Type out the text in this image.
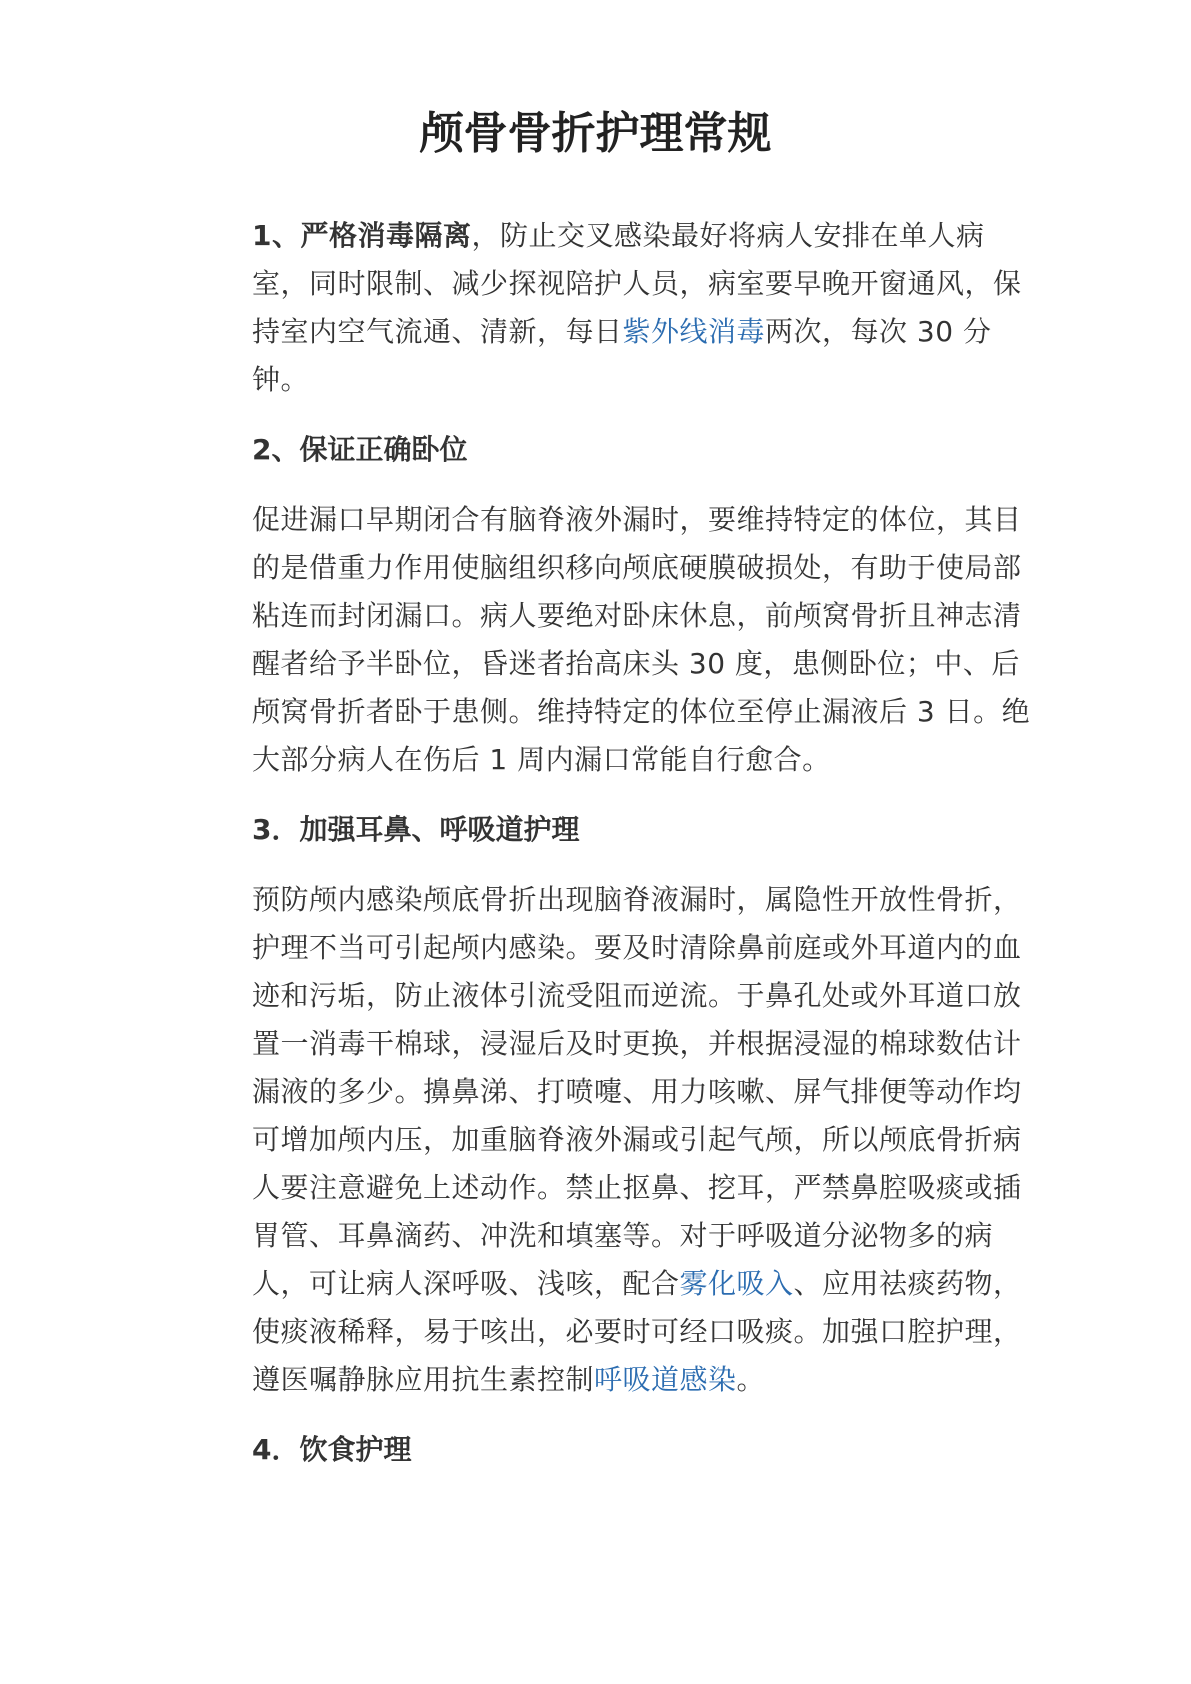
颅骨骨折护理常规

1、严格消毒隔离，防止交叉感染最好将病人安排在单人病室，同时限制、减少探视陪护人员，病室要早晚开窗通风，保持室内空气流通、清新，每日紫外线消毒两次，每次 30 分钟。

2、保证正确卧位

促进漏口早期闭合有脑脊液外漏时，要维持特定的体位，其目的是借重力作用使脑组织移向颅底硬膜破损处，有助于使局部粘连而封闭漏口。病人要绝对卧床休息，前颅窝骨折且神志清醒者给予半卧位，昏迷者抬高床头 30 度，患侧卧位；中、后颅窝骨折者卧于患侧。维持特定的体位至停止漏液后 3 日。绝大部分病人在伤后 1 周内漏口常能自行愈合。

3．加强耳鼻、呼吸道护理

预防颅内感染颅底骨折出现脑脊液漏时，属隐性开放性骨折，护理不当可引起颅内感染。要及时清除鼻前庭或外耳道内的血迹和污垢，防止液体引流受阻而逆流。于鼻孔处或外耳道口放置一消毒干棉球，浸湿后及时更换，并根据浸湿的棉球数估计漏液的多少。擤鼻涕、打喷嚏、用力咳嗽、屏气排便等动作均可增加颅内压，加重脑脊液外漏或引起气颅，所以颅底骨折病人要注意避免上述动作。禁止抠鼻、挖耳，严禁鼻腔吸痰或插胃管、耳鼻滴药、冲洗和填塞等。对于呼吸道分泌物多的病人，可让病人深呼吸、浅咳，配合雾化吸入、应用祛痰药物，使痰液稀释，易于咳出，必要时可经口吸痰。加强口腔护理，遵医嘱静脉应用抗生素控制呼吸道感染。

4．饮食护理
